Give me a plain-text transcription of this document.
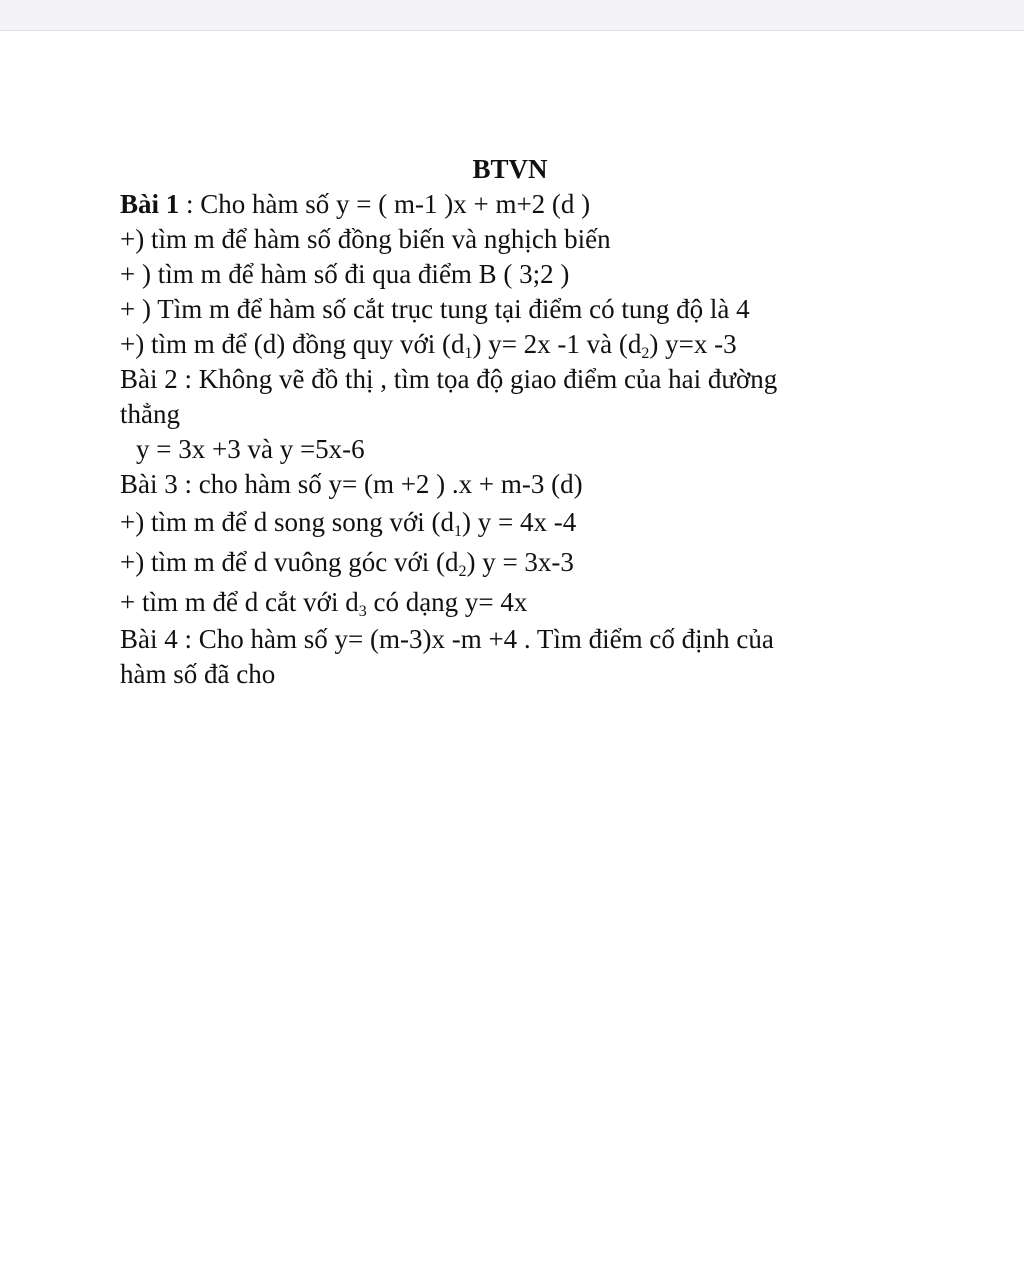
BTVN
Bài 1 : Cho hàm số y = ( m-1 )x + m+2 (d )
+) tìm m để hàm số đồng biến và nghịch biến
+ ) tìm m để hàm số đi qua điểm B ( 3;2 )
+ ) Tìm m để hàm số cắt trục tung tại điểm có tung độ là 4
+) tìm m để (d) đồng quy với $(d_1)$ y= 2x -1 và $(d_2)$ y=x -3
Bài 2 : Không vẽ đồ thị , tìm tọa độ giao điểm của hai đường
thẳng
y = 3x +3 và y =5x-6
Bài 3 : cho hàm số y= (m +2 ) .x + m-3 (d)
+) tìm m để d song song với $(d_1) y = 4x$ -4
+) tìm m để d vuông góc với $(d_2) y = 3x-3$
+ tìm m để d cắt với $d_3$ có dạng y= 4x
Bài 4 : Cho hàm số y= (m-3)x -m +4 . Tìm điểm cố định của
hàm số đã cho
